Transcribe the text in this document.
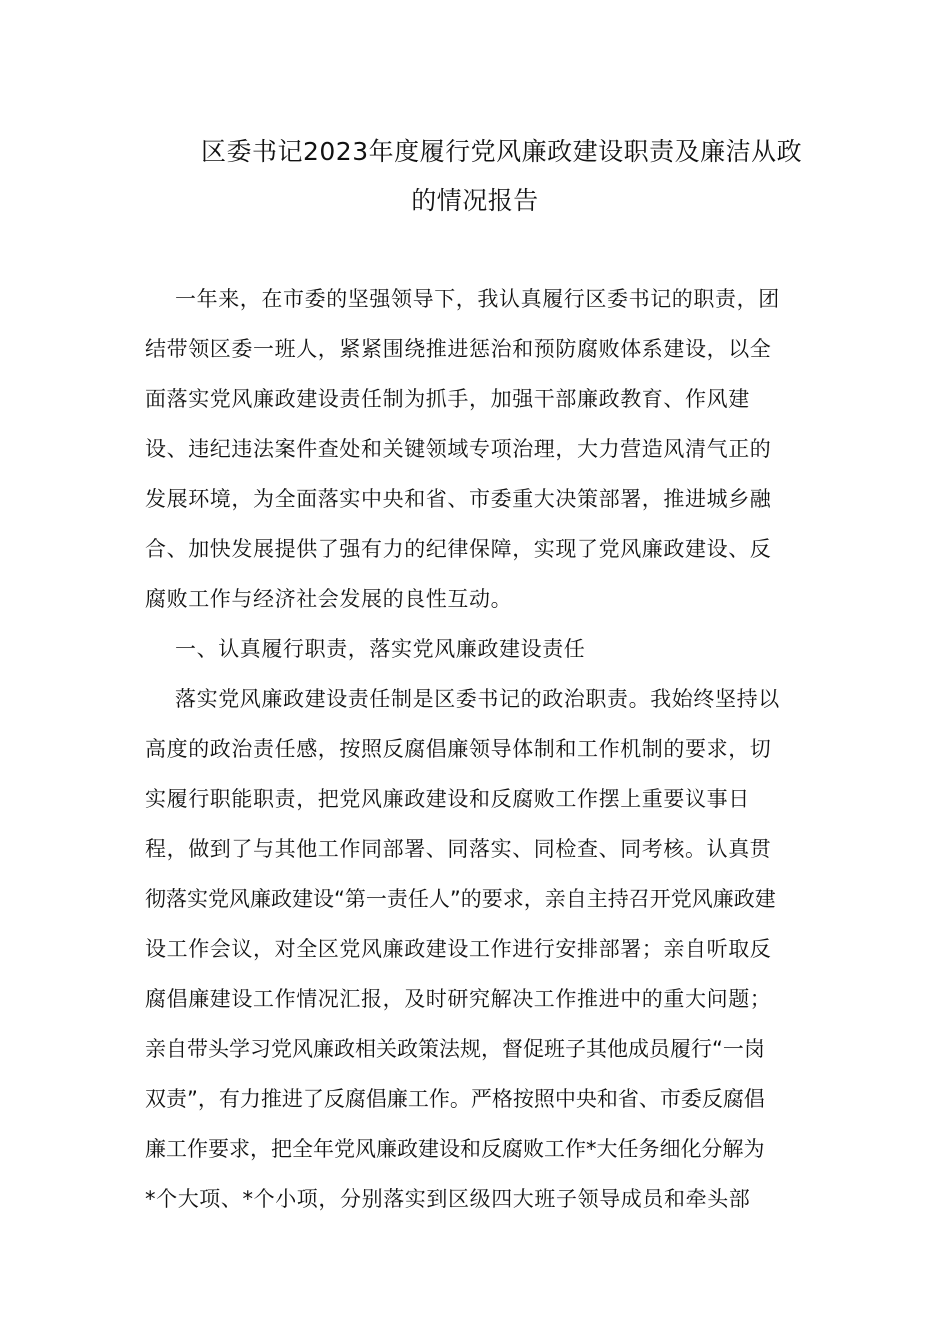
区委书记2023年度履行党风廉政建设职责及廉洁从政
的情况报告
一年来，在市委的坚强领导下，我认真履行区委书记的职责，团
结带领区委一班人，紧紧围绕推进惩治和预防腐败体系建设，以全
面落实党风廉政建设责任制为抓手，加强干部廉政教育、作风建
设、违纪违法案件查处和关键领域专项治理，大力营造风清气正的
发展环境，为全面落实中央和省、市委重大决策部署，推进城乡融
合、加快发展提供了强有力的纪律保障，实现了党风廉政建设、反
腐败工作与经济社会发展的良性互动。
一、认真履行职责，落实党风廉政建设责任
落实党风廉政建设责任制是区委书记的政治职责。我始终坚持以
高度的政治责任感，按照反腐倡廉领导体制和工作机制的要求，切
实履行职能职责，把党风廉政建设和反腐败工作摆上重要议事日
程，做到了与其他工作同部署、同落实、同检查、同考核。认真贯
彻落实党风廉政建设“第一责任人”的要求，亲自主持召开党风廉政建
设工作会议，对全区党风廉政建设工作进行安排部署；亲自听取反
腐倡廉建设工作情况汇报，及时研究解决工作推进中的重大问题；
亲自带头学习党风廉政相关政策法规，督促班子其他成员履行“一岗
双责”，有力推进了反腐倡廉工作。严格按照中央和省、市委反腐倡
廉工作要求，把全年党风廉政建设和反腐败工作*大任务细化分解为
*个大项、*个小项，分别落实到区级四大班子领导成员和牵头部
